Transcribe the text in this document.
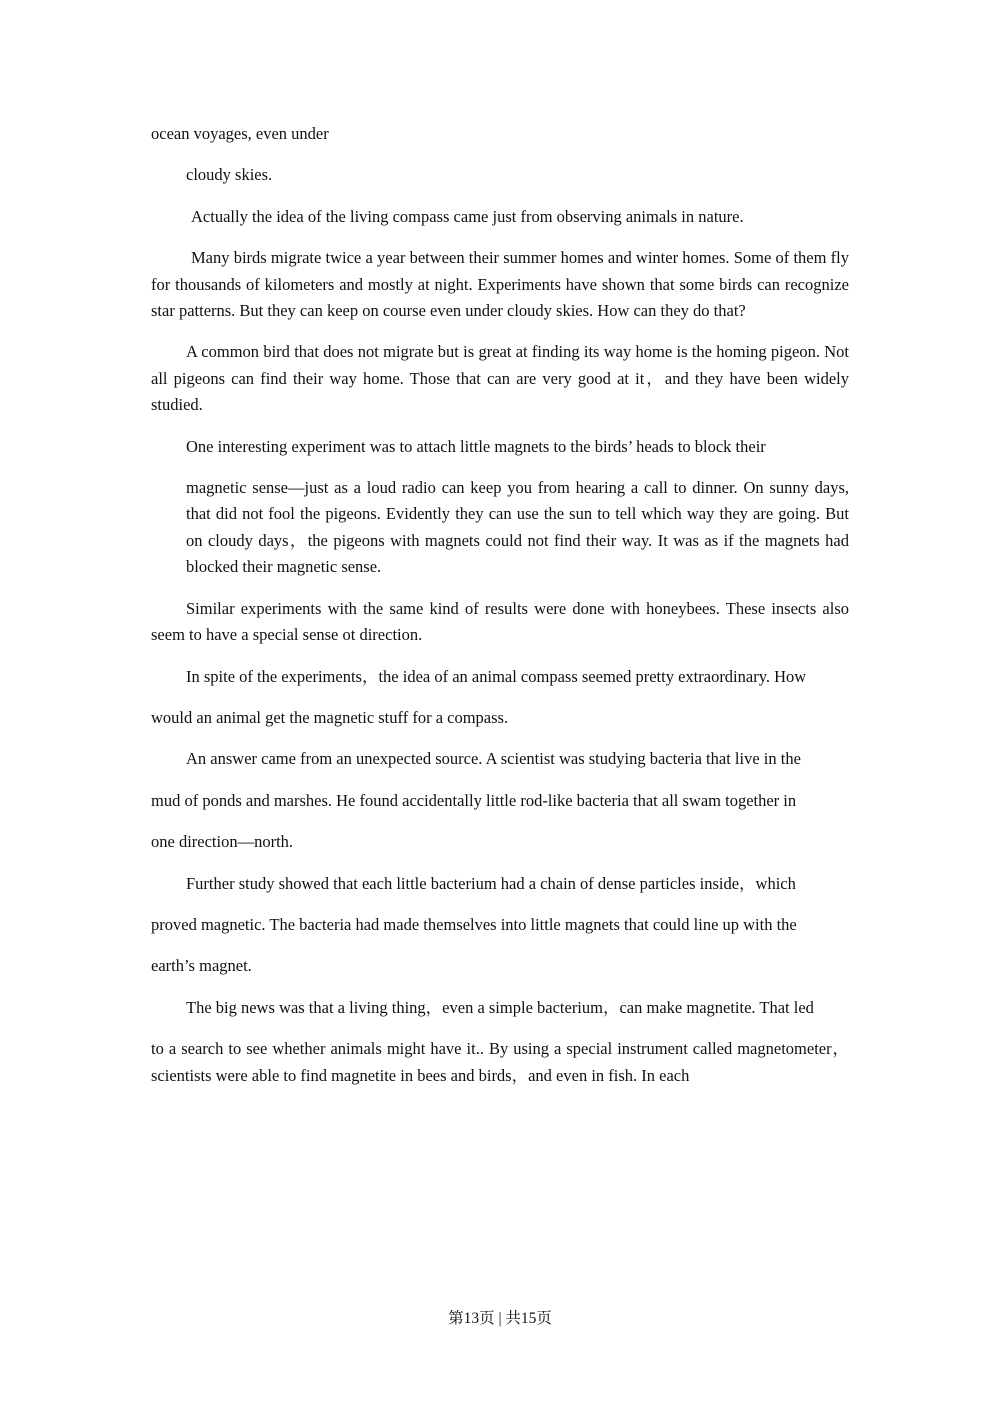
ocean voyages, even under

cloudy skies.

Actually the idea of the living compass came just from observing animals in nature.

Many birds migrate twice a year between their summer homes and winter homes. Some of them fly for thousands of kilometers and mostly at night. Experiments have shown that some birds can recognize star patterns. But they can keep on course even under cloudy skies. How can they do that?

A common bird that does not migrate but is great at finding its way home is the homing pigeon. Not all pigeons can find their way home. Those that can are very good at it，and they have been widely studied.

One interesting experiment was to attach little magnets to the birds’ heads to block their

magnetic sense—just as a loud radio can keep you from hearing a call to dinner. On sunny days, that did not fool the pigeons. Evidently they can use the sun to tell which way they are going. But on cloudy days，the pigeons with magnets could not find their way. It was as if the magnets had blocked their magnetic sense.

Similar experiments with the same kind of results were done with honeybees. These insects also seem to have a special sense ot direction.

In spite of the experiments，the idea of an animal compass seemed pretty extraordinary. How

would an animal get the magnetic stuff for a compass.

An answer came from an unexpected source. A scientist was studying bacteria that live in the

mud of ponds and marshes. He found accidentally little rod-like bacteria that all swam together in

one direction—north.

Further study showed that each little bacterium had a chain of dense particles inside，which

proved magnetic. The bacteria had made themselves into little magnets that could line up with the

earth’s magnet.

The big news was that a living thing，even a simple bacterium，can make magnetite. That led

to a search to see whether animals might have it.. By using a special instrument called magnetometer，scientists were able to find magnetite in bees and birds，and even in fish. In each

第13页 | 共15页
